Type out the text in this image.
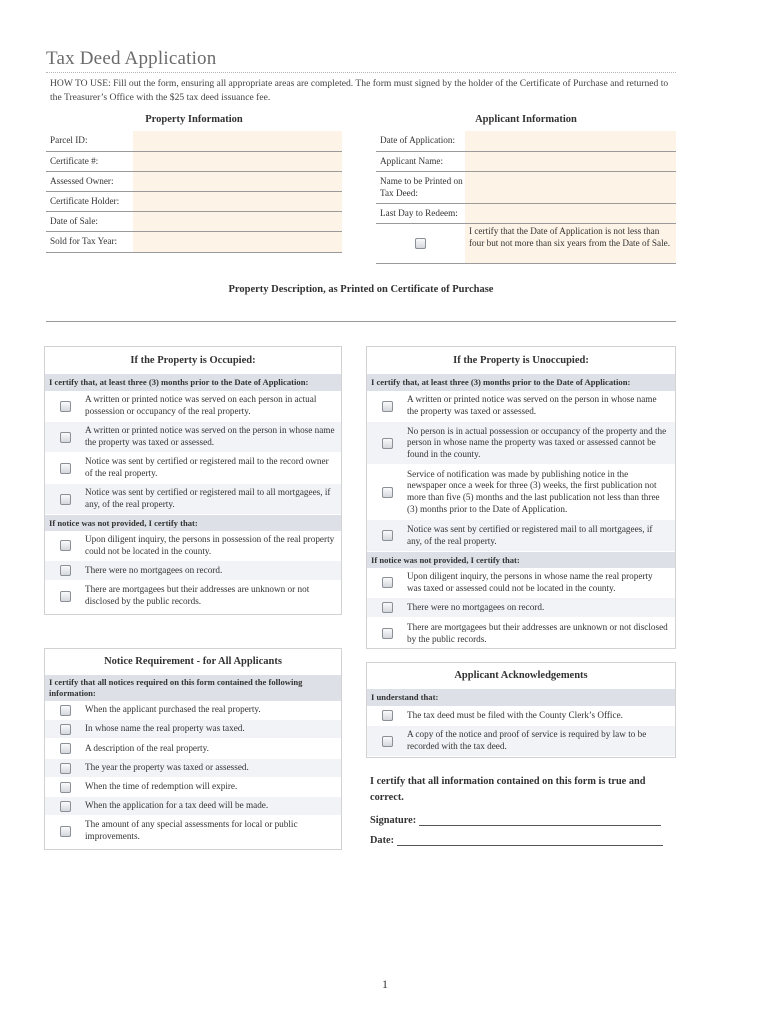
Tax Deed Application
HOW TO USE: Fill out the form, ensuring all appropriate areas are completed. The form must signed by the holder of the Certificate of Purchase and returned to the Treasurer’s Office with the $25 tax deed issuance fee.
Property Information
Parcel ID:
Certificate #:
Assessed Owner:
Certificate Holder:
Date of Sale:
Sold for Tax Year:
Applicant Information
Date of Application:
Applicant Name:
Name to be Printed on Tax Deed:
Last Day to Redeem:
I certify that the Date of Application is not less than four but not more than six years from the Date of Sale.
Property Description, as Printed on Certificate of Purchase
If the Property is Occupied:
I certify that, at least three (3) months prior to the Date of Application:
A written or printed notice was served on each person in actual possession or occupancy of the real property.
A written or printed notice was served on the person in whose name the property was taxed or assessed.
Notice was sent by certified or registered mail to the record owner of the real property.
Notice was sent by certified or registered mail to all mortgagees, if any, of the real property.
If notice was not provided, I certify that:
Upon diligent inquiry, the persons in possession of the real property could not be located in the county.
There were no mortgagees on record.
There are mortgagees but their addresses are unknown or not disclosed by the public records.
If the Property is Unoccupied:
I certify that, at least three (3) months prior to the Date of Application:
A written or printed notice was served on the person in whose name the property was taxed or assessed.
No person is in actual possession or occupancy of the property and the person in whose name the property was taxed or assessed cannot be found in the county.
Service of notification was made by publishing notice in the newspaper once a week for three (3) weeks, the first publication not more than five (5) months and the last publication not less than three (3) months prior to the Date of Application.
Notice was sent by certified or registered mail to all mortgagees, if any, of the real property.
If notice was not provided, I certify that:
Upon diligent inquiry, the persons in whose name the real property was taxed or assessed could not be located in the county.
There were no mortgagees on record.
There are mortgagees but their addresses are unknown or not disclosed by the public records.
Notice Requirement - for All Applicants
I certify that all notices required on this form contained the following information:
When the applicant purchased the real property.
In whose name the real property was taxed.
A description of the real property.
The year the property was taxed or assessed.
When the time of redemption will expire.
When the application for a tax deed will be made.
The amount of any special assessments for local or public improvements.
Applicant Acknowledgements
I understand that:
The tax deed must be filed with the County Clerk’s Office.
A copy of the notice and proof of service is required by law to be recorded with the tax deed.
I certify that all information contained on this form is true and correct.
Signature:
Date:
1
